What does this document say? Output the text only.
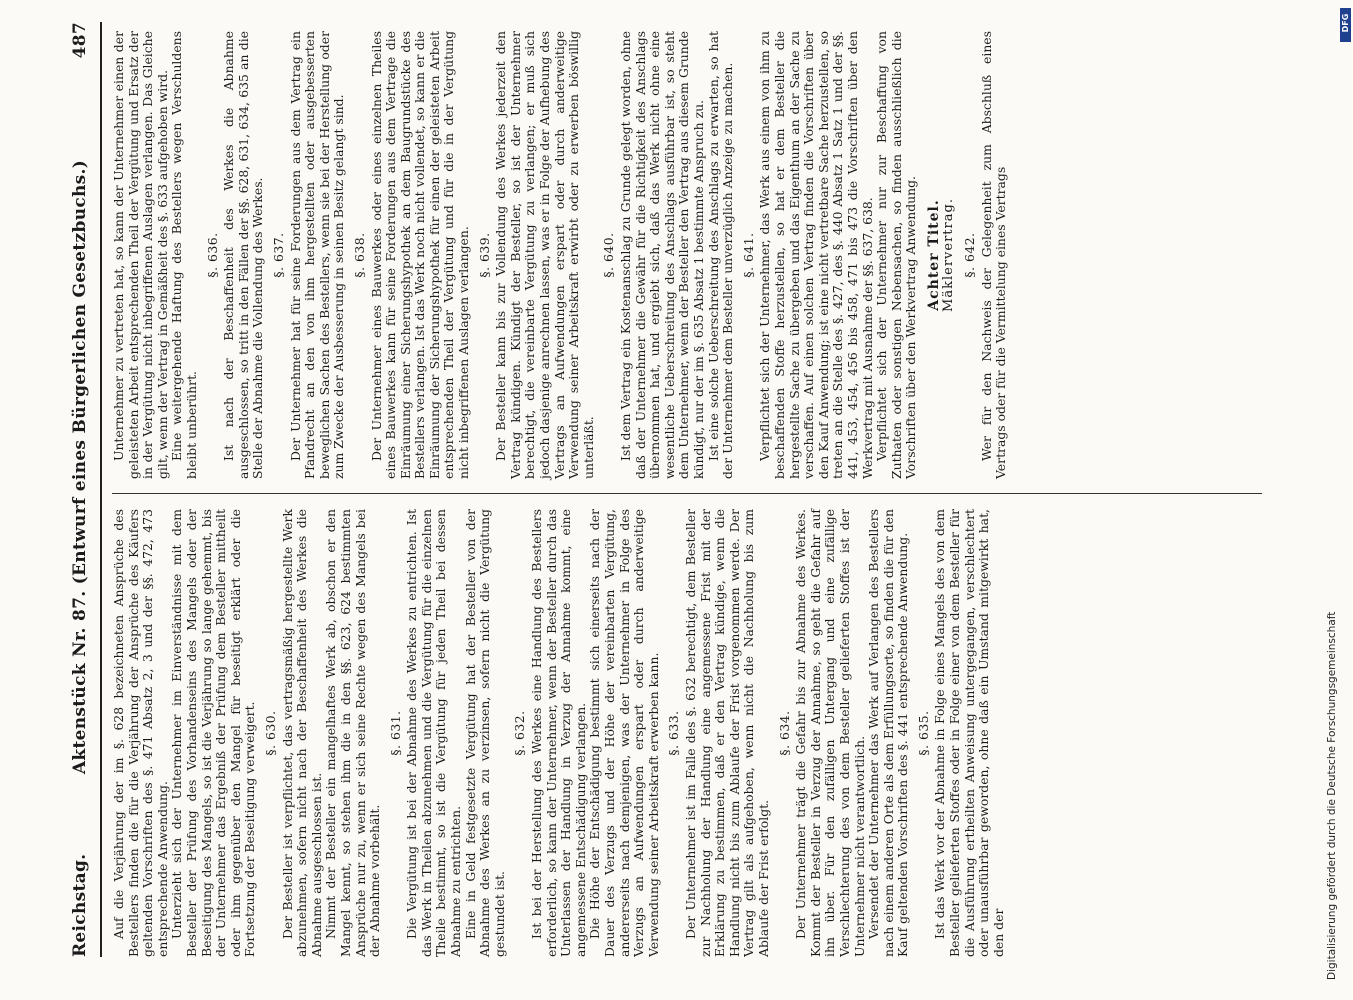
Reichstag.
Aktenstück Nr. 87. (Entwurf eines Bürgerlichen Gesetzbuchs.)
487
Auf die Verjährung der im §. 628 bezeichneten Ansprüche des Bestellers finden die für die Verjährung der Ansprüche des Käufers geltenden Vorschriften des §. 471 Absatz 2, 3 und der §§. 472, 473 entsprechende Anwendung. Unterzieht sich der Unternehmer im Einverständnisse mit dem Besteller der Prüfung des Vorhandenseins des Mangels oder der Beseitigung des Mangels, so ist die Verjährung so lange gehemmt, bis der Unternehmer das Ergebniß der Prüfung dem Besteller mittheilt oder ihm gegenüber den Mangel für beseitigt erklärt oder die Fortsetzung der Beseitigung verweigert. §. 630. Der Besteller ist verpflichtet, das vertragsmäßig hergestellte Werk abzunehmen, sofern nicht nach der Beschaffenheit des Werkes die Abnahme ausgeschlossen ist. Nimmt der Besteller ein mangelhaftes Werk ab, obschon er den Mangel kennt, so stehen ihm die in den §§. 623, 624 bestimmten Ansprüche nur zu, wenn er sich seine Rechte wegen des Mangels bei der Abnahme vorbehält.
§. 631. Die Vergütung ist bei der Abnahme des Werkes zu entrichten. Ist das Werk in Theilen abzunehmen und die Vergütung für die einzelnen Theile bestimmt, so ist die Vergütung für jeden Theil bei dessen Abnahme zu entrichten. Eine in Geld festgesetzte Vergütung hat der Besteller von der Abnahme des Werkes an zu verzinsen, sofern nicht die Vergütung gestundet ist.
§. 632. Ist bei der Herstellung des Werkes eine Handlung des Bestellers erforderlich, so kann der Unternehmer, wenn der Besteller durch das Unterlassen der Handlung in Verzug der Annahme kommt, eine angemessene Entschädigung verlangen. Die Höhe der Entschädigung bestimmt sich einerseits nach der Dauer des Verzugs und der Höhe der vereinbarten Vergütung, andererseits nach demjenigen, was der Unternehmer in Folge des Verzugs an Aufwendungen erspart oder durch anderweitige Verwendung seiner Arbeitskraft erwerben kann. §. 633. Der Unternehmer ist im Falle des §. 632 berechtigt, dem Besteller zur Nachholung der Handlung eine angemessene Frist mit der Erklärung zu bestimmen, daß er den Vertrag kündige, wenn die Handlung nicht bis zum Ablaufe der Frist vorgenommen werde. Der Vertrag gilt als aufgehoben, wenn nicht die Nachholung bis zum Ablaufe der Frist erfolgt.
§. 634. Der Unternehmer trägt die Gefahr bis zur Abnahme des Werkes. Kommt der Besteller in Verzug der Annahme, so geht die Gefahr auf ihn über. Für den zufälligen Untergang und eine zufällige Verschlechterung des von dem Besteller gelieferten Stoffes ist der Unternehmer nicht verantwortlich. Versendet der Unternehmer das Werk auf Verlangen des Bestellers nach einem anderen Orte als dem Erfüllungsorte, so finden die für den Kauf geltenden Vorschriften des §. 441 entsprechende Anwendung. §. 635. Ist das Werk vor der Abnahme in Folge eines Mangels des von dem Besteller gelieferten Stoffes oder in Folge einer von dem Besteller für die Ausführung ertheilten Anweisung untergegangen, verschlechtert oder unausführbar geworden, ohne daß ein Umstand mitgewirkt hat, den der
Unternehmer zu vertreten hat, so kann der Unternehmer einen der geleisteten Arbeit entsprechenden Theil der Vergütung und Ersatz der in der Vergütung nicht inbegriffenen Auslagen verlangen. Das Gleiche gilt, wenn der Vertrag in Gemäßheit des §. 633 aufgehoben wird. Eine weitergehende Haftung des Bestellers wegen Verschuldens bleibt unberührt.
§. 636. Ist nach der Beschaffenheit des Werkes die Abnahme ausgeschlossen, so tritt in den Fällen der §§. 628, 631, 634, 635 an die Stelle der Abnahme die Vollendung des Werkes. §. 637. Der Unternehmer hat für seine Forderungen aus dem Vertrag ein Pfandrecht an den von ihm hergestellten oder ausgebesserten beweglichen Sachen des Bestellers, wenn sie bei der Herstellung oder zum Zwecke der Ausbesserung in seinen Besitz gelangt sind. §. 638. Der Unternehmer eines Bauwerkes oder eines einzelnen Theiles eines Bauwerkes kann für seine Forderungen aus dem Vertrage die Einräumung einer Sicherungshypothek an dem Baugrundstücke des Bestellers verlangen. Ist das Werk noch nicht vollendet, so kann er die Einräumung der Sicherungshypothek für einen der geleisteten Arbeit entsprechenden Theil der Vergütung und für die in der Vergütung nicht inbegriffenen Auslagen verlangen. §. 639. Der Besteller kann bis zur Vollendung des Werkes jederzeit den Vertrag kündigen. Kündigt der Besteller, so ist der Unternehmer berechtigt, die vereinbarte Vergütung zu verlangen; er muß sich jedoch dasjenige anrechnen lassen, was er in Folge der Aufhebung des Vertrags an Aufwendungen erspart oder durch anderweitige Verwendung seiner Arbeitskraft erwirbt oder zu erwerben böswillig unterläßt.
§. 640. Ist dem Vertrag ein Kostenanschlag zu Grunde gelegt worden, ohne daß der Unternehmer die Gewähr für die Richtigkeit des Anschlags übernommen hat, und ergiebt sich, daß das Werk nicht ohne eine wesentliche Ueberschreitung des Anschlags ausführbar ist, so steht dem Unternehmer, wenn der Besteller den Vertrag aus diesem Grunde kündigt, nur der im §. 635 Absatz 1 bestimmte Anspruch zu. Ist eine solche Ueberschreitung des Anschlags zu erwarten, so hat der Unternehmer dem Besteller unverzüglich Anzeige zu machen. §. 641. Verpflichtet sich der Unternehmer, das Werk aus einem von ihm zu beschaffenden Stoffe herzustellen, so hat er dem Besteller die hergestellte Sache zu übergeben und das Eigenthum an der Sache zu verschaffen. Auf einen solchen Vertrag finden die Vorschriften über den Kauf Anwendung; ist eine nicht vertretbare Sache herzustellen, so treten an die Stelle des §. 427, des §. 440 Absatz 1 Satz 1 und der §§. 441, 453, 454, 456 bis 458, 471 bis 473 die Vorschriften über den Werkvertrag mit Ausnahme der §§. 637, 638. Verpflichtet sich der Unternehmer nur zur Beschaffung von Zuthaten oder sonstigen Nebensachen, so finden ausschließlich die Vorschriften über den Werkvertrag Anwendung. Achter Titel. Mäklervertrag. §. 642. Wer für den Nachweis der Gelegenheit zum Abschluß eines Vertrags oder für die Vermittelung eines Vertrags
Digitalisierung gefördert durch die Deutsche Forschungsgemeinschaft
DFG
